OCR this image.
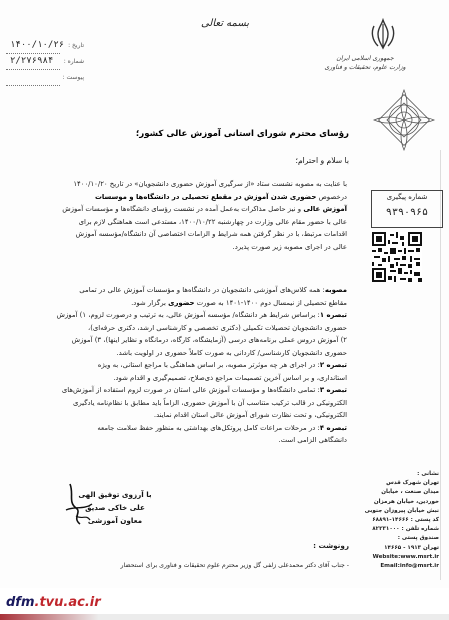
تاریخ :
۱۴۰۰/۱۰/۲۶
شماره :
۲/۲۷۶۹۸۴
پیوست :
بسمه تعالی
جمهوری اسلامی ایران
وزارت علوم، تحقیقات و فناوری
رؤسای محترم شورای استانی آموزش عالی کشور؛
با سلام و احترام؛
با عنایت به مصوبه نشست ستاد «از سرگیری آموزش حضوری دانشجویان» در تاریخ ۱۴۰۰/۱۰/۲۰
درخصوص حضوری شدن آموزش در مقطع تحصیلی در دانشگاه‌ها و موسسات
آموزش عالی و نیز حاصل مذاکرات به‌عمل آمده در نشست رؤسای دانشگاه‌ها و مؤسسات آموزش
عالی با حضور مقام عالی وزارت در چهارشنبه ۱۴۰۰/۱۰/۲۲، مستدعی است هماهنگی لازم برای
اقدامات مرتبط، با در نظر گرفتن همه شرایط و الزامات اختصاصی آن دانشگاه/مؤسسه آموزش
عالی در اجرای مصوبه زیر صورت پذیرد.
مصوبه: همه کلاس‌های آموزشی دانشجویان در دانشگاه‌ها و مؤسسات آموزش عالی در تمامی
مقاطع تحصیلی از نیمسال دوم ۱۴۰۰-۱۴۰۱ به صورت حضوری برگزار شود.
تبصره ۱: براساس شرایط هر دانشگاه/ مؤسسه آموزش عالی، به ترتیب و درصورت لزوم، ۱) آموزش
حضوری دانشجویان تحصیلات تکمیلی (دکتری تخصصی و کارشناسی ارشد، دکتری حرفه‌ای)،
۲) آموزش دروس عملی برنامه‌های درسی (آزمایشگاه، کارگاه، درمانگاه و نظایر اینها)، ۳) آموزش
حضوری دانشجویان کارشناسی/ کاردانی به صورت کاملاً حضوری در اولویت باشد.
تبصره ۲: در اجرای هر چه موثرتر مصوبه، بر اساس هماهنگی با مراجع استانی، به ویژه
استانداری، و بر اساس آخرین تصمیمات مراجع ذی‌صلاح، تصمیم‌گیری و اقدام شود.
تبصره ۳: تمامی دانشگاه‌ها و مؤسسات آموزش عالی استان در صورت لزوم استفاده از آموزش‌های
الکترونیکی در قالب ترکیب متناسب آن با آموزش حضوری، الزاماً باید مطابق با نظام‌نامه یادگیری
الکترونیکی، و تحت نظارت شورای آموزش عالی استان اقدام نمایند.
تبصره ۴: در مرحلات مراعات کامل پروتکل‌های بهداشتی به منظور حفظ سلامت جامعه
دانشگاهی الزامی است.
شماره پیگیری
۹۳۹۰۹۶۵
نشانی :
تهران شهرک قدس
میدان صنعت ، خیابان
خوردین، خیابان هرمزان
نبش خیابان پیروزان جنوبی
کد پستی : ۱۴۶۶۶-۶۸۸۹۱
شماره تلفن : ۸۲۲۳۱۰۰۰
صندوق پستی :
تهران ۱۹۱۳ - ۱۴۶۶۵
Website:www.msrt.ir
Email:info@msrt.ir
با آرزوی توفیق الهی
علی خاکی صدیق
معاون آموزشی
رونوشت :
- جناب آقای دکتر محمدعلی زلفی گل وزیر محترم علوم تحقیقات و فناوری برای استحضار
dfm.tvu.ac.ir
